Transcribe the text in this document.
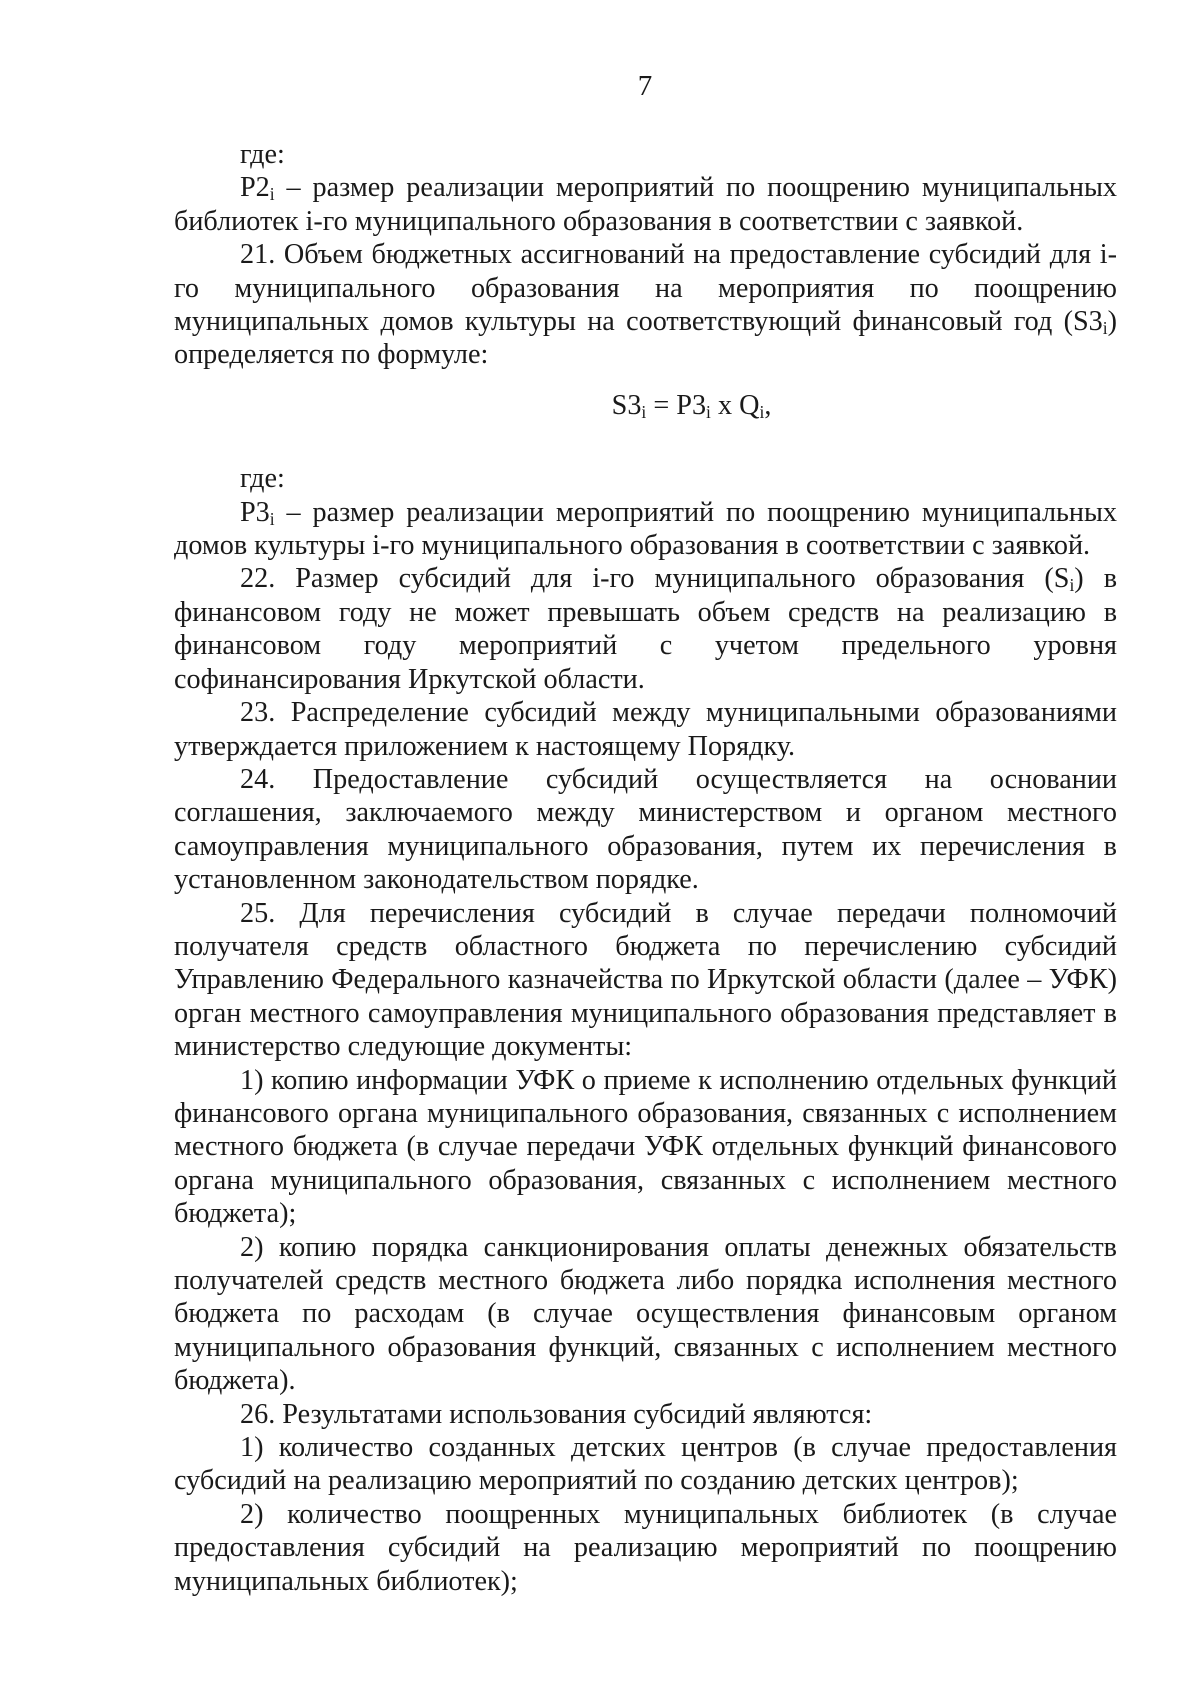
7

где:

$P2_i$ – размер реализации мероприятий по поощрению муниципальных библиотек i-го муниципального образования в соответствии с заявкой.

21. Объем бюджетных ассигнований на предоставление субсидий для i-го муниципального образования на мероприятия по поощрению муниципальных домов культуры на соответствующий финансовый год $(S3_i)$ определяется по формуле:

$S3_i = P3_i$ x $Q_i$,

где:

$P3_i$ – размер реализации мероприятий по поощрению муниципальных домов культуры i-го муниципального образования в соответствии с заявкой.

22. Размер субсидий для i-го муниципального образования $(S_i)$ в финансовом году не может превышать объем средств на реализацию в финансовом году мероприятий с учетом предельного уровня софинансирования Иркутской области.

23. Распределение субсидий между муниципальными образованиями утверждается приложением к настоящему Порядку.

24. Предоставление субсидий осуществляется на основании соглашения, заключаемого между министерством и органом местного самоуправления муниципального образования, путем их перечисления в установленном законодательством порядке.

25. Для перечисления субсидий в случае передачи полномочий получателя средств областного бюджета по перечислению субсидий Управлению Федерального казначейства по Иркутской области (далее – УФК) орган местного самоуправления муниципального образования представляет в министерство следующие документы:

1) копию информации УФК о приеме к исполнению отдельных функций финансового органа муниципального образования, связанных с исполнением местного бюджета (в случае передачи УФК отдельных функций финансового органа муниципального образования, связанных с исполнением местного бюджета);

2) копию порядка санкционирования оплаты денежных обязательств получателей средств местного бюджета либо порядка исполнения местного бюджета по расходам (в случае осуществления финансовым органом муниципального образования функций, связанных с исполнением местного бюджета).

26. Результатами использования субсидий являются:

1) количество созданных детских центров (в случае предоставления субсидий на реализацию мероприятий по созданию детских центров);

2) количество поощренных муниципальных библиотек (в случае предоставления субсидий на реализацию мероприятий по поощрению муниципальных библиотек);
